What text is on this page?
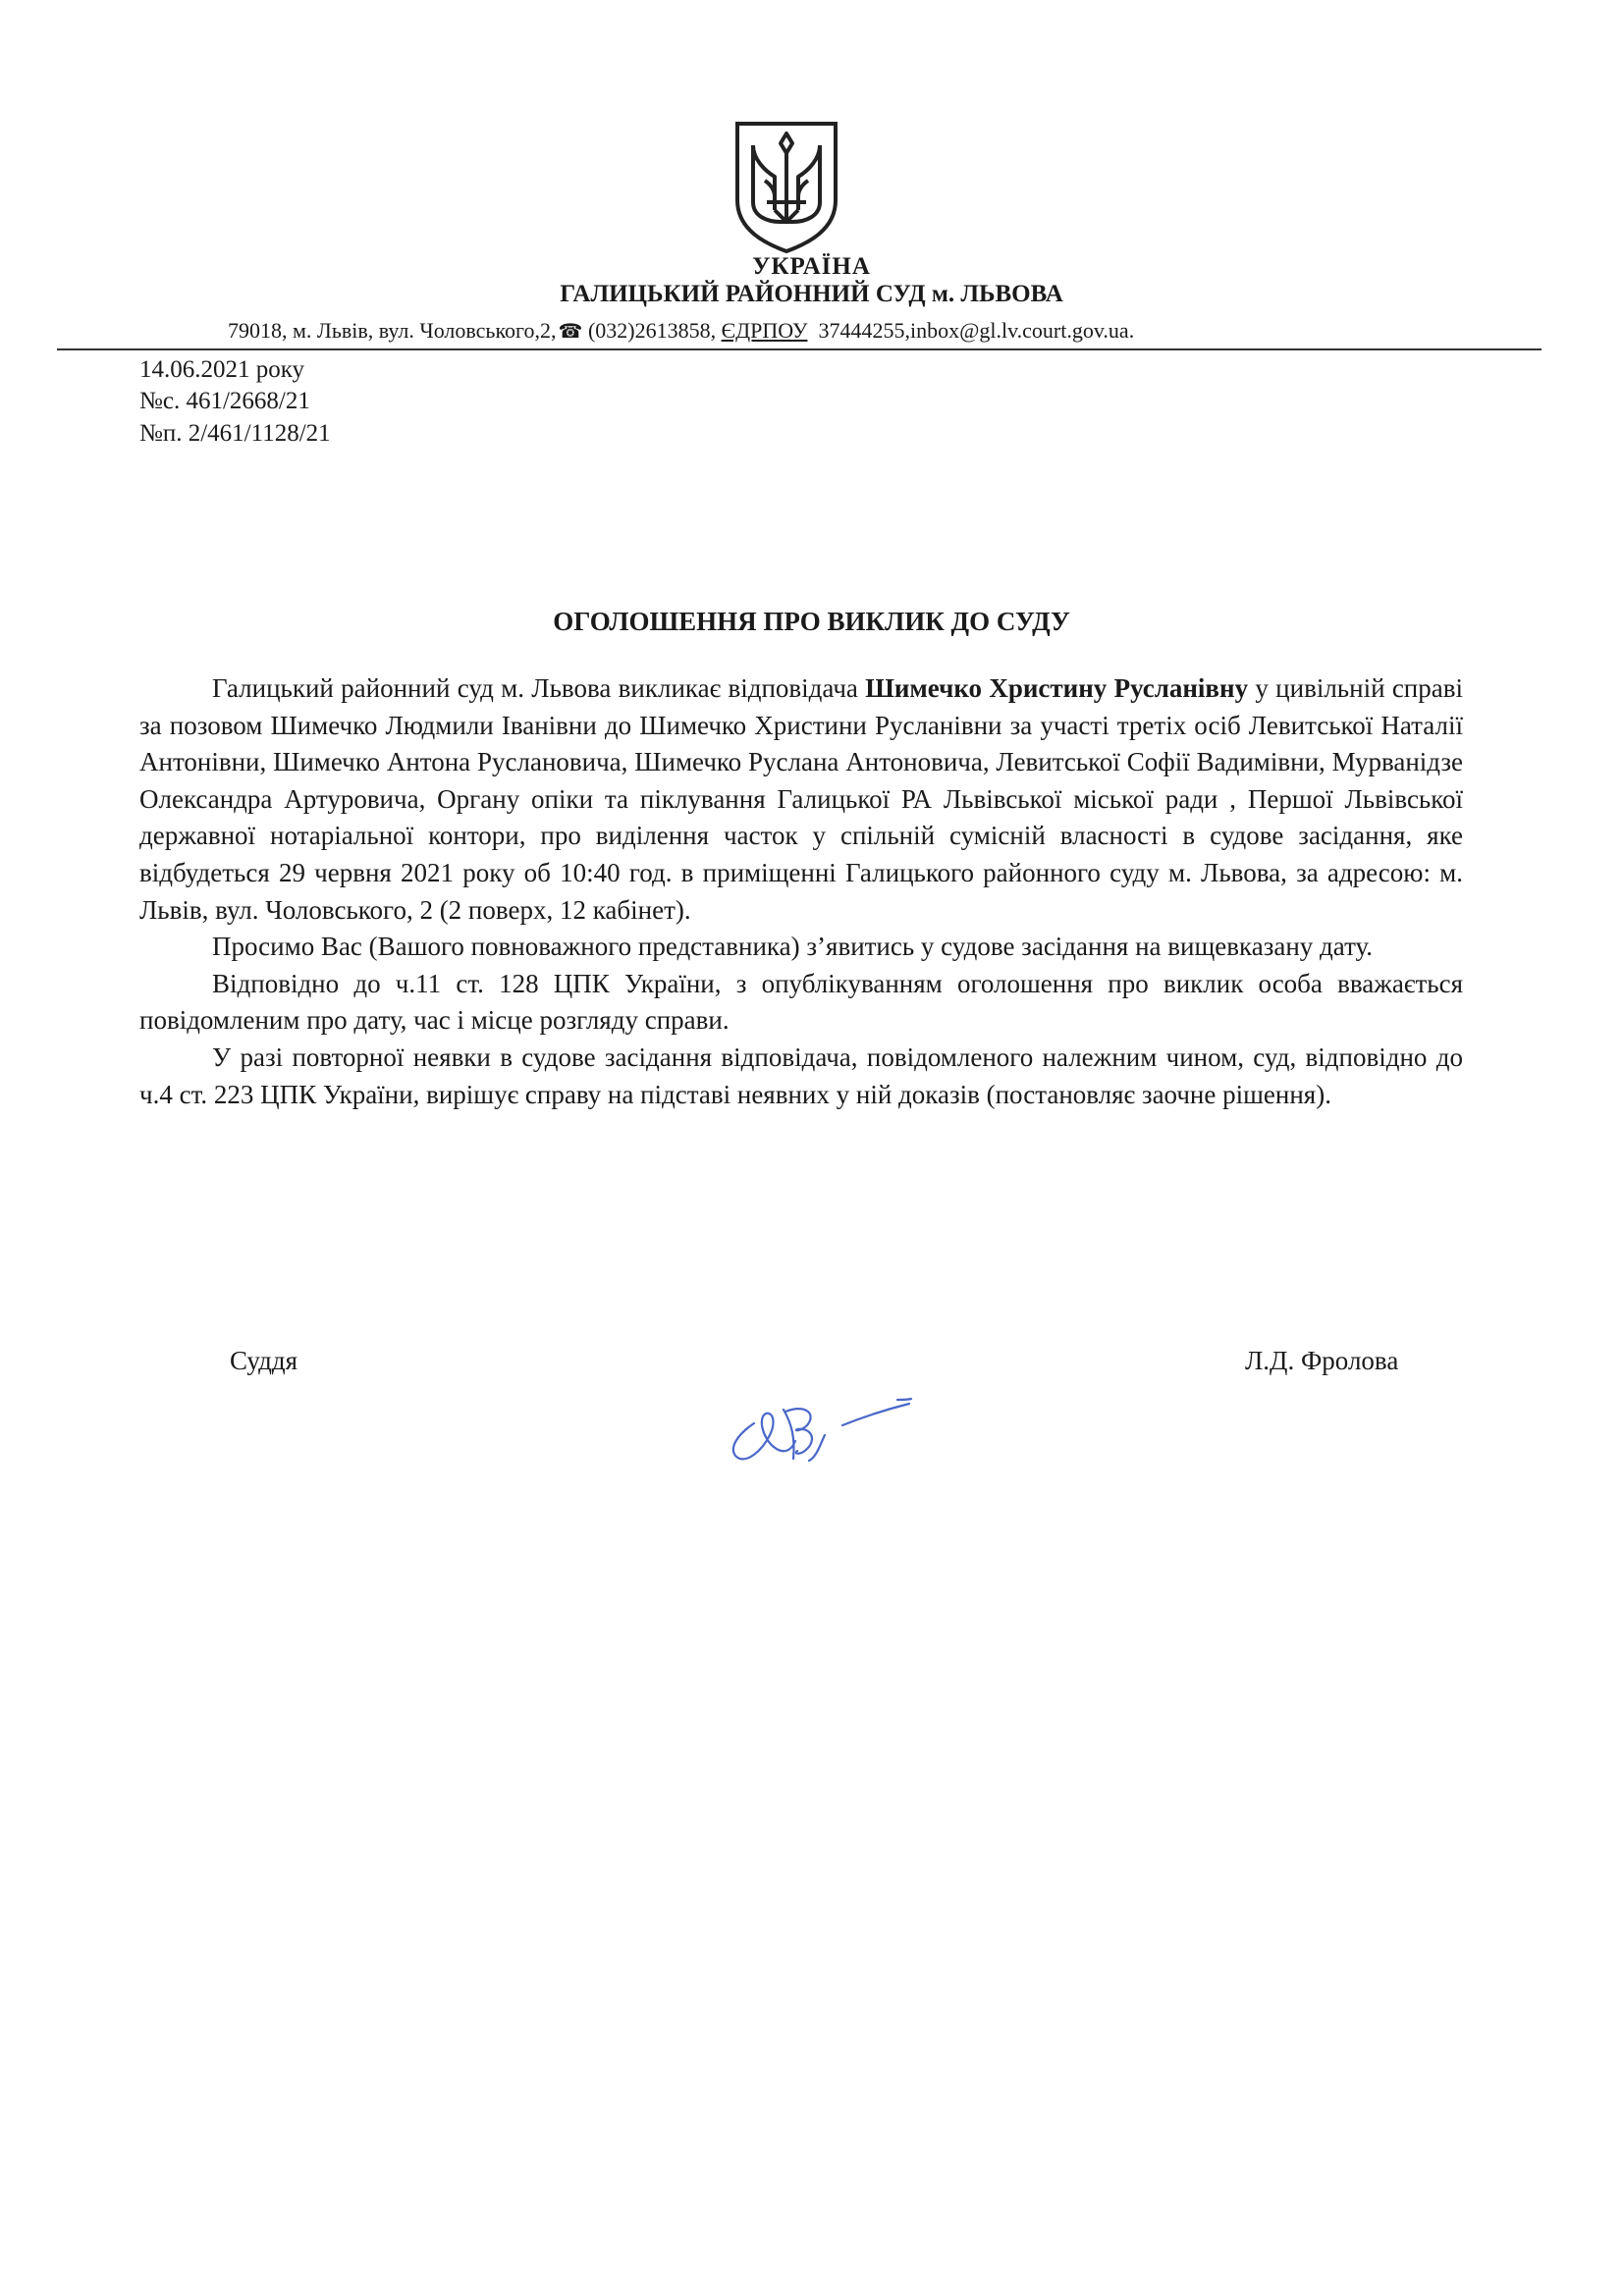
УКРАЇНА
ГАЛИЦЬКИЙ РАЙОННИЙ СУД м. ЛЬВОВА
79018, м. Львів, вул. Чоловського,2, ☎ (032)2613858, ЄДРПОУ 37444255,inbox@gl.lv.court.gov.ua.
14.06.2021 року
№с. 461/2668/21
№п. 2/461/1128/21
ОГОЛОШЕННЯ ПРО ВИКЛИК ДО СУДУ

Галицький районний суд м. Львова викликає відповідача Шимечко Христину Русланівну у цивільній справі за позовом Шимечко Людмили Іванівни до Шимечко Христини Русланівни за участі третіх осіб Левитської Наталії Антонівни, Шимечко Антона Руслановича, Шимечко Руслана Антоновича, Левитської Софії Вадимівни, Мурванідзе Олександра Артуровича, Органу опіки та піклування Галицької РА Львівської міської ради , Першої Львівської державної нотаріальної контори, про виділення часток у спільній сумісній власності в судове засідання, яке відбудеться 29 червня 2021 року об 10:40 год. в приміщенні Галицького районного суду м. Львова, за адресою: м. Львів, вул. Чоловського, 2 (2 поверх, 12 кабінет).

Просимо Вас (Вашого повноважного представника) з’явитись у судове засідання на вищевказану дату.

Відповідно до ч.11 ст. 128 ЦПК України, з опублікуванням оголошення про виклик особа вважається повідомленим про дату, час і місце розгляду справи.

У разі повторної неявки в судове засідання відповідача, повідомленого належним чином, суд, відповідно до ч.4 ст. 223 ЦПК України, вирішує справу на підставі неявних у ній доказів (постановляє заочне рішення).

Суддя	Л.Д. Фролова
